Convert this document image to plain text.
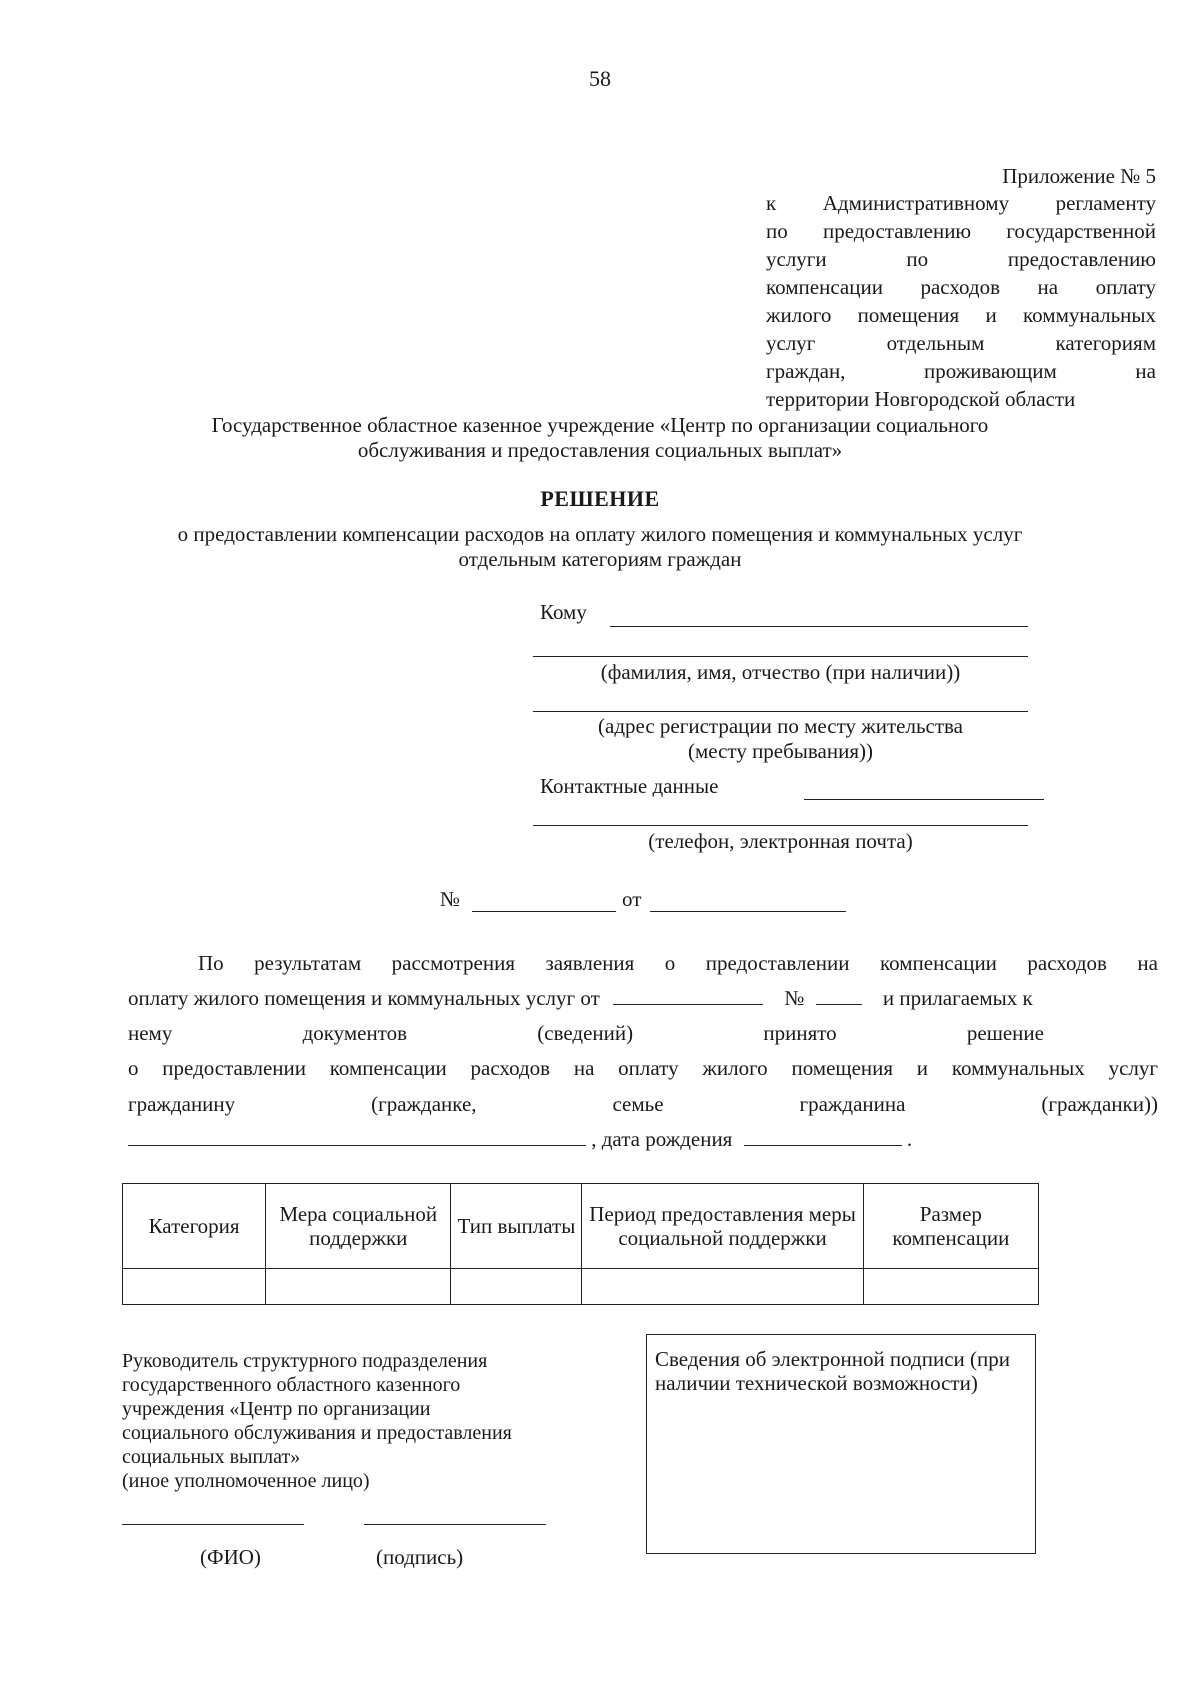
58
Приложение № 5
к Административному регламенту
по предоставлению государственной
услуги по предоставлению
компенсации расходов на оплату
жилого помещения и коммунальных
услуг отдельным категориям
граждан, проживающим на
территории Новгородской области
Государственное областное казенное учреждение «Центр по организации социального
обслуживания и предоставления социальных выплат»
РЕШЕНИЕ
о предоставлении компенсации расходов на оплату жилого помещения и коммунальных услуг
отдельным категориям граждан
Кому
(фамилия, имя, отчество (при наличии))
(адрес регистрации по месту жительства
(месту пребывания))
Контактные данные
(телефон, электронная почта)
№	от
По результатам рассмотрения заявления о предоставлении компенсации расходов на
оплату жилого помещения и коммунальных услуг от	№	и прилагаемых к
нему	документов	(сведений)	принято	решение
о предоставлении компенсации расходов на оплату жилого помещения и коммунальных услуг
гражданину	(гражданке,	семье	гражданина	(гражданки))
, дата рождения	.
Категория	Мера социальной поддержки	Тип выплаты	Период предоставления меры социальной поддержки	Размер компенсации

Руководитель структурного подразделения
государственного областного казенного
учреждения «Центр по организации
социального обслуживания и предоставления
социальных выплат»
(иное уполномоченное лицо)
(ФИО)	(подпись)
Сведения об электронной подписи (при наличии технической возможности)
